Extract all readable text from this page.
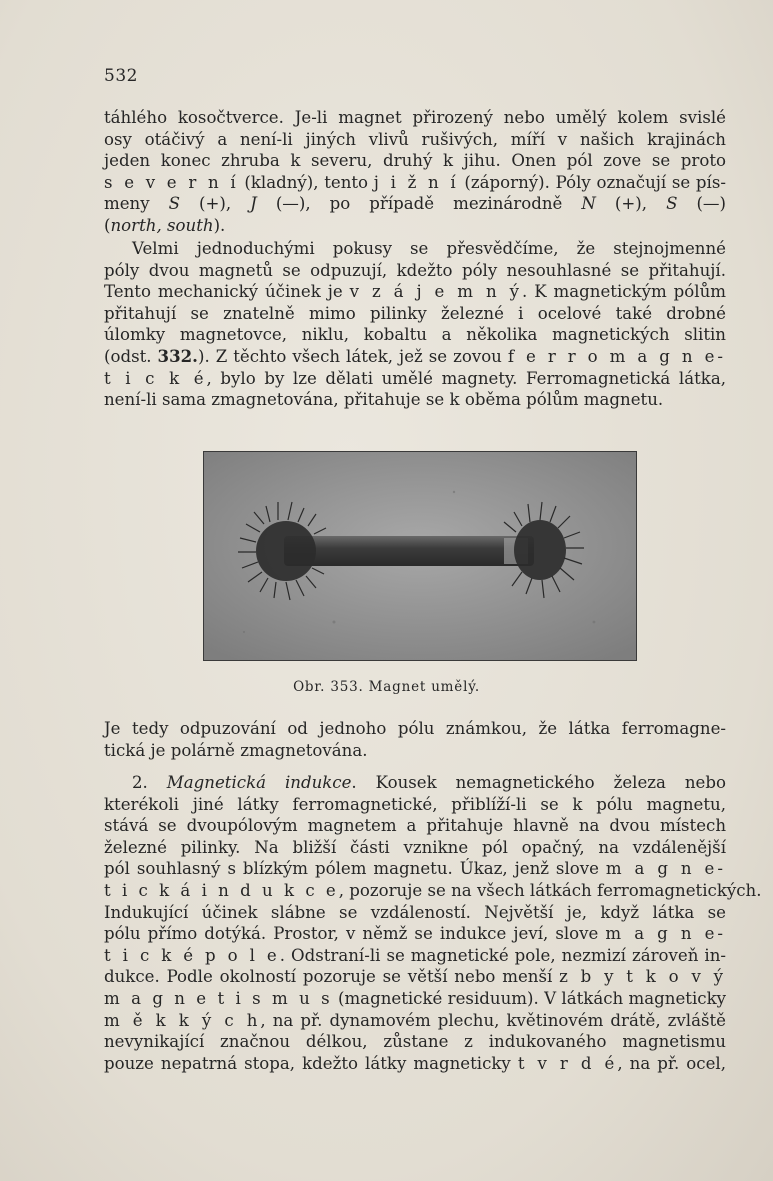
532
táhlého kosočtverce. Je-li magnet přirozený nebo umělý kolem svislé
osy otáčivý a není-li jiných vlivů rušivých, míří v našich krajinách
jeden konec zhruba k severu, druhý k jihu. Onen pól zove se proto
s e v e r n í (kladný), tento j i ž n í (záporný). Póly označují se pís-
meny S (+), J (—), po případě mezinárodně N (+), S (—)
(north, south).
Velmi jednoduchými pokusy se přesvědčíme, že stejnojmenné
póly dvou magnetů se odpuzují, kdežto póly nesouhlasné se přitahují.
Tento mechanický účinek je v z á j e m n ý. K magnetickým pólům
přitahují se znatelně mimo pilinky železné i ocelové také drobné
úlomky magnetovce, niklu, kobaltu a několika magnetických slitin
(odst. 332.). Z těchto všech látek, jež se zovou f e r r o m a g n e-
t i c k é, bylo by lze dělati umělé magnety. Ferromagnetická látka,
není-li sama zmagnetována, přitahuje se k oběma pólům magnetu.
Obr. 353. Magnet umělý.
Je tedy odpuzování od jednoho pólu známkou, že látka ferromagne-
tická je polárně zmagnetována.
2. Magnetická indukce. Kousek nemagnetického železa nebo
kterékoli jiné látky ferromagnetické, přiblíží-li se k pólu magnetu,
stává se dvoupólovým magnetem a přitahuje hlavně na dvou místech
železné pilinky. Na bližší části vznikne pól opačný, na vzdálenější
pól souhlasný s blízkým pólem magnetu. Úkaz, jenž slove m a g n e-
t i c k á i n d u k c e, pozoruje se na všech látkách ferromagnetických.
Indukující účinek slábne se vzdáleností. Největší je, když látka se
pólu přímo dotýká. Prostor, v němž se indukce jeví, slove m a g n e-
t i c k é p o l e. Odstraní-li se magnetické pole, nezmizí zároveň in-
dukce. Podle okolností pozoruje se větší nebo menší z b y t k o v ý
m a g n e t i s m u s (magnetické residuum). V látkách magneticky
m ě k k ý c h, na př. dynamovém plechu, květinovém drátě, zvláště
nevynikající značnou délkou, zůstane z indukovaného magnetismu
pouze nepatrná stopa, kdežto látky magneticky t v r d é, na př. ocel,
